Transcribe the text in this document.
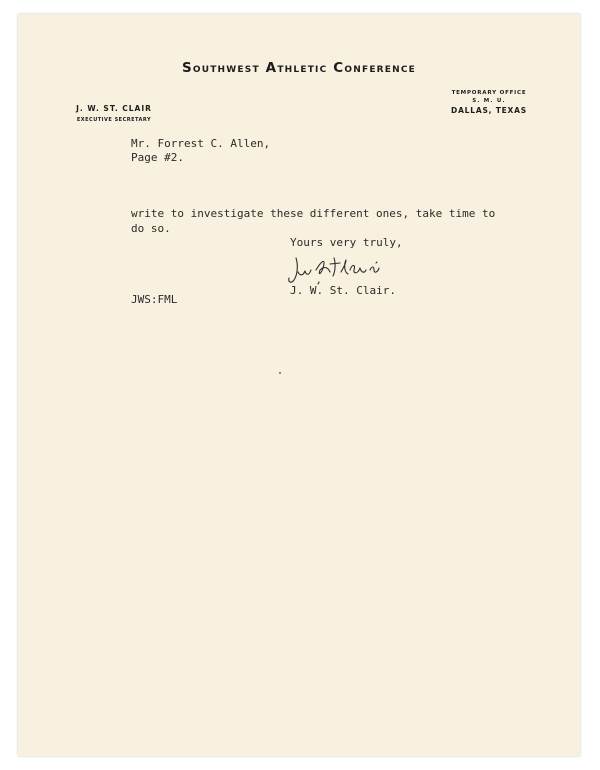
Southwest Athletic Conference
J. W. ST. CLAIR
EXECUTIVE SECRETARY
TEMPORARY OFFICE
S. M. U.
DALLAS, TEXAS
Mr. Forrest C. Allen,
Page #2.
write to investigate these different ones, take time to
do so.
Yours very truly,
J. W. St. Clair.
JWS:FML
